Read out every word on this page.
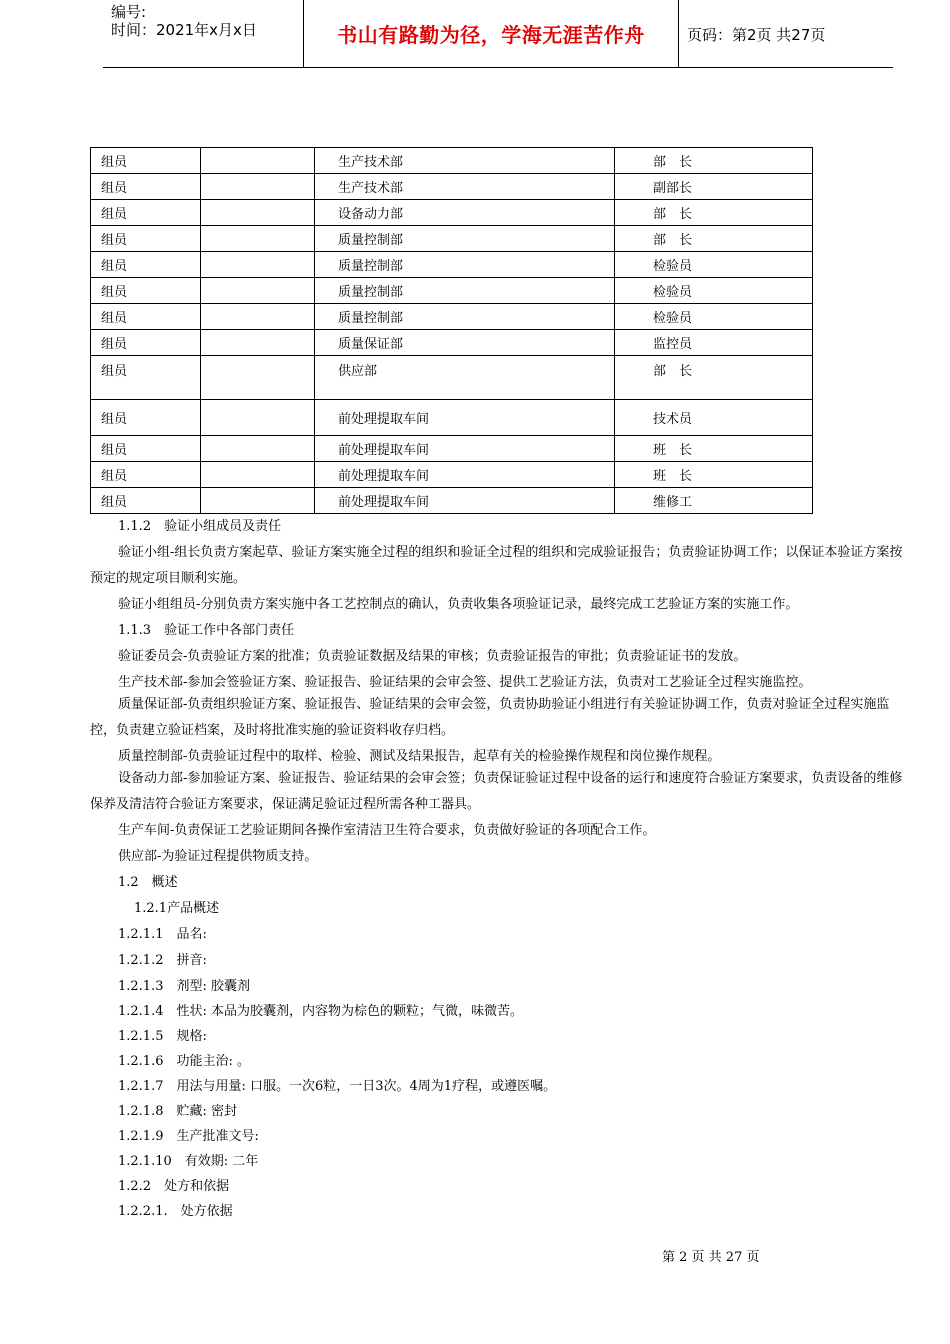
编号:
时间：2021年x月x日	书山有路勤为径，学海无涯苦作舟	页码：第2页 共27页
组员		生产技术部	部　长
组员		生产技术部	副部长
组员		设备动力部	部　长
组员		质量控制部	部　长
组员		质量控制部	检验员
组员		质量控制部	检验员
组员		质量控制部	检验员
组员		质量保证部	监控员
组员		供应部	部　长
组员		前处理提取车间	技术员
组员		前处理提取车间	班　长
组员		前处理提取车间	班　长
组员		前处理提取车间	维修工
1.1.2　验证小组成员及责任
验证小组-组长负责方案起草、验证方案实施全过程的组织和验证全过程的组织和完成验证报告；负责验证协调工作；以保证本验证方案按预定的规定项目顺利实施。
验证小组组员-分别负责方案实施中各工艺控制点的确认，负责收集各项验证记录，最终完成工艺验证方案的实施工作。
1.1.3　验证工作中各部门责任
验证委员会-负责验证方案的批准；负责验证数据及结果的审核；负责验证报告的审批；负责验证证书的发放。
生产技术部-参加会签验证方案、验证报告、验证结果的会审会签、提供工艺验证方法，负责对工艺验证全过程实施监控。
质量保证部-负责组织验证方案、验证报告、验证结果的会审会签，负责协助验证小组进行有关验证协调工作，负责对验证全过程实施监控，负责建立验证档案，及时将批准实施的验证资料收存归档。
质量控制部-负责验证过程中的取样、检验、测试及结果报告，起草有关的检验操作规程和岗位操作规程。
设备动力部-参加验证方案、验证报告、验证结果的会审会签；负责保证验证过程中设备的运行和速度符合验证方案要求，负责设备的维修保养及清洁符合验证方案要求，保证满足验证过程所需各种工器具。
生产车间-负责保证工艺验证期间各操作室清洁卫生符合要求，负责做好验证的各项配合工作。
供应部-为验证过程提供物质支持。
1.2　概述
1.2.1产品概述
1.2.1.1　品名:
1.2.1.2　拼音:
1.2.1.3　剂型: 胶囊剂
1.2.1.4　性状: 本品为胶囊剂，内容物为棕色的颗粒；气微，味微苦。
1.2.1.5　规格:
1.2.1.6　功能主治: 。
1.2.1.7　用法与用量: 口服。一次6粒，一日3次。4周为1疗程，或遵医嘱。
1.2.1.8　贮藏: 密封
1.2.1.9　生产批准文号:
1.2.1.10　有效期: 二年
1.2.2　处方和依据
1.2.2.1.　处方依据
第 2 页 共 27 页
